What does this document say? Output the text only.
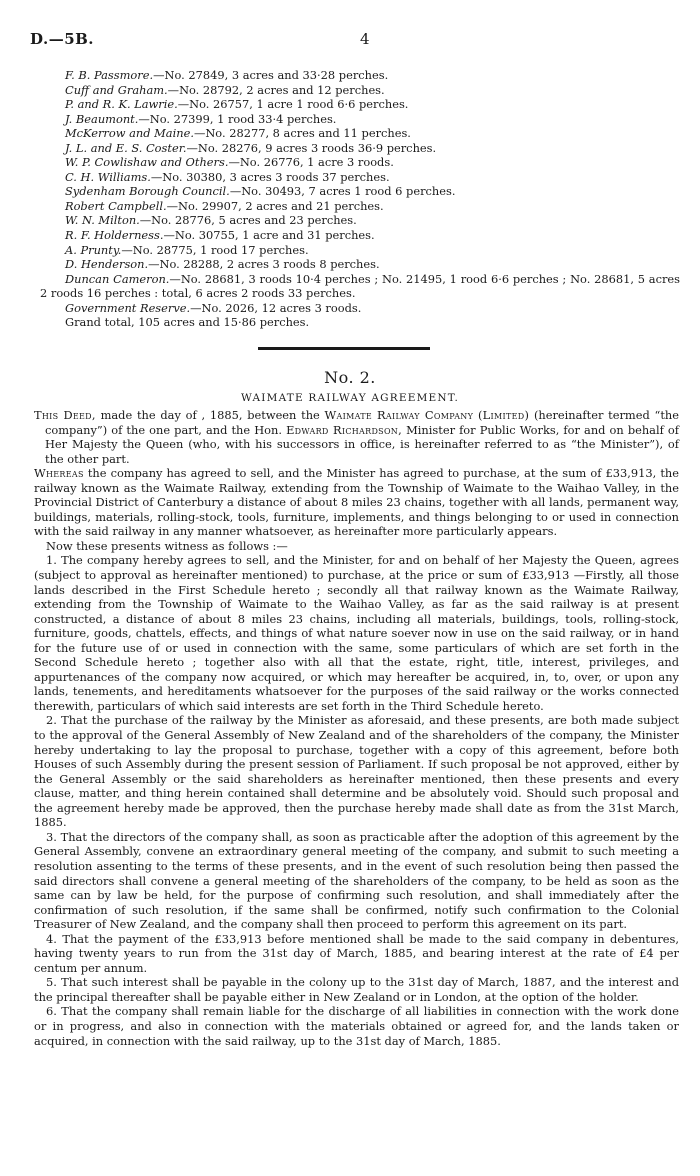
D.—5B.	4
F. B. Passmore.—No. 27849, 3 acres and 33·28 perches.
Cuff and Graham.—No. 28792, 2 acres and 12 perches.
P. and R. K. Lawrie.—No. 26757, 1 acre 1 rood 6·6 perches.
J. Beaumont.—No. 27399, 1 rood 33·4 perches.
McKerrow and Maine.—No. 28277, 8 acres and 11 perches.
J. L. and E. S. Coster.—No. 28276, 9 acres 3 roods 36·9 perches.
W. P. Cowlishaw and Others.—No. 26776, 1 acre 3 roods.
C. H. Williams.—No. 30380, 3 acres 3 roods 37 perches.
Sydenham Borough Council.—No. 30493, 7 acres 1 rood 6 perches.
Robert Campbell.—No. 29907, 2 acres and 21 perches.
W. N. Milton.—No. 28776, 5 acres and 23 perches.
R. F. Holderness.—No. 30755, 1 acre and 31 perches.
A. Prunty.—No. 28775, 1 rood 17 perches.
D. Henderson.—No. 28288, 2 acres 3 roods 8 perches.
Duncan Cameron.—No. 28681, 3 roods 10·4 perches ; No. 21495, 1 rood 6·6 perches ; No. 28681, 5 acres 2 roods 16 perches : total, 6 acres 2 roods 33 perches.
Government Reserve.—No. 2026, 12 acres 3 roods.
Grand total, 105 acres and 15·86 perches.
No. 2.
WAIMATE RAILWAY AGREEMENT.

This Deed, made the day of , 1885, between the Waimate Railway Company (Limited) (hereinafter termed “the company”) of the one part, and the Hon. Edward Richardson, Minister for Public Works, for and on behalf of Her Majesty the Queen (who, with his successors in office, is hereinafter referred to as “the Minister”), of the other part.

Whereas the company has agreed to sell, and the Minister has agreed to purchase, at the sum of £33,913, the railway known as the Waimate Railway, extending from the Township of Waimate to the Waihao Valley, in the Provincial District of Canterbury a distance of about 8 miles 23 chains, together with all lands, permanent way, buildings, materials, rolling-stock, tools, furniture, implements, and things belonging to or used in connection with the said railway in any manner whatsoever, as hereinafter more particularly appears.

Now these presents witness as follows :—

1. The company hereby agrees to sell, and the Minister, for and on behalf of her Majesty the Queen, agrees (subject to approval as hereinafter mentioned) to purchase, at the price or sum of £33,913 —Firstly, all those lands described in the First Schedule hereto ; secondly all that railway known as the Waimate Railway, extending from the Township of Waimate to the Waihao Valley, as far as the said railway is at present constructed, a distance of about 8 miles 23 chains, including all materials, buildings, tools, rolling-stock, furniture, goods, chattels, effects, and things of what nature soever now in use on the said railway, or in hand for the future use of or used in connection with the same, some particulars of which are set forth in the Second Schedule hereto ; together also with all that the estate, right, title, interest, privileges, and appurtenances of the company now acquired, or which may hereafter be acquired, in, to, over, or upon any lands, tenements, and hereditaments whatsoever for the purposes of the said railway or the works connected therewith, particulars of which said interests are set forth in the Third Schedule hereto.

2. That the purchase of the railway by the Minister as aforesaid, and these presents, are both made subject to the approval of the General Assembly of New Zealand and of the shareholders of the company, the Minister hereby undertaking to lay the proposal to purchase, together with a copy of this agreement, before both Houses of such Assembly during the present session of Parliament. If such proposal be not approved, either by the General Assembly or the said shareholders as hereinafter mentioned, then these presents and every clause, matter, and thing herein contained shall determine and be absolutely void. Should such proposal and the agreement hereby made be approved, then the purchase hereby made shall date as from the 31st March, 1885.

3. That the directors of the company shall, as soon as practicable after the adoption of this agreement by the General Assembly, convene an extraordinary general meeting of the company, and submit to such meeting a resolution assenting to the terms of these presents, and in the event of such resolution being then passed the said directors shall convene a general meeting of the shareholders of the company, to be held as soon as the same can by law be held, for the purpose of confirming such resolution, and shall immediately after the confirmation of such resolution, if the same shall be confirmed, notify such confirmation to the Colonial Treasurer of New Zealand, and the company shall then proceed to perform this agreement on its part.

4. That the payment of the £33,913 before mentioned shall be made to the said company in debentures, having twenty years to run from the 31st day of March, 1885, and bearing interest at the rate of £4 per centum per annum.

5. That such interest shall be payable in the colony up to the 31st day of March, 1887, and the interest and the principal thereafter shall be payable either in New Zealand or in London, at the option of the holder.

6. That the company shall remain liable for the discharge of all liabilities in connection with the work done or in progress, and also in connection with the materials obtained or agreed for, and the lands taken or acquired, in connection with the said railway, up to the 31st day of March, 1885.
